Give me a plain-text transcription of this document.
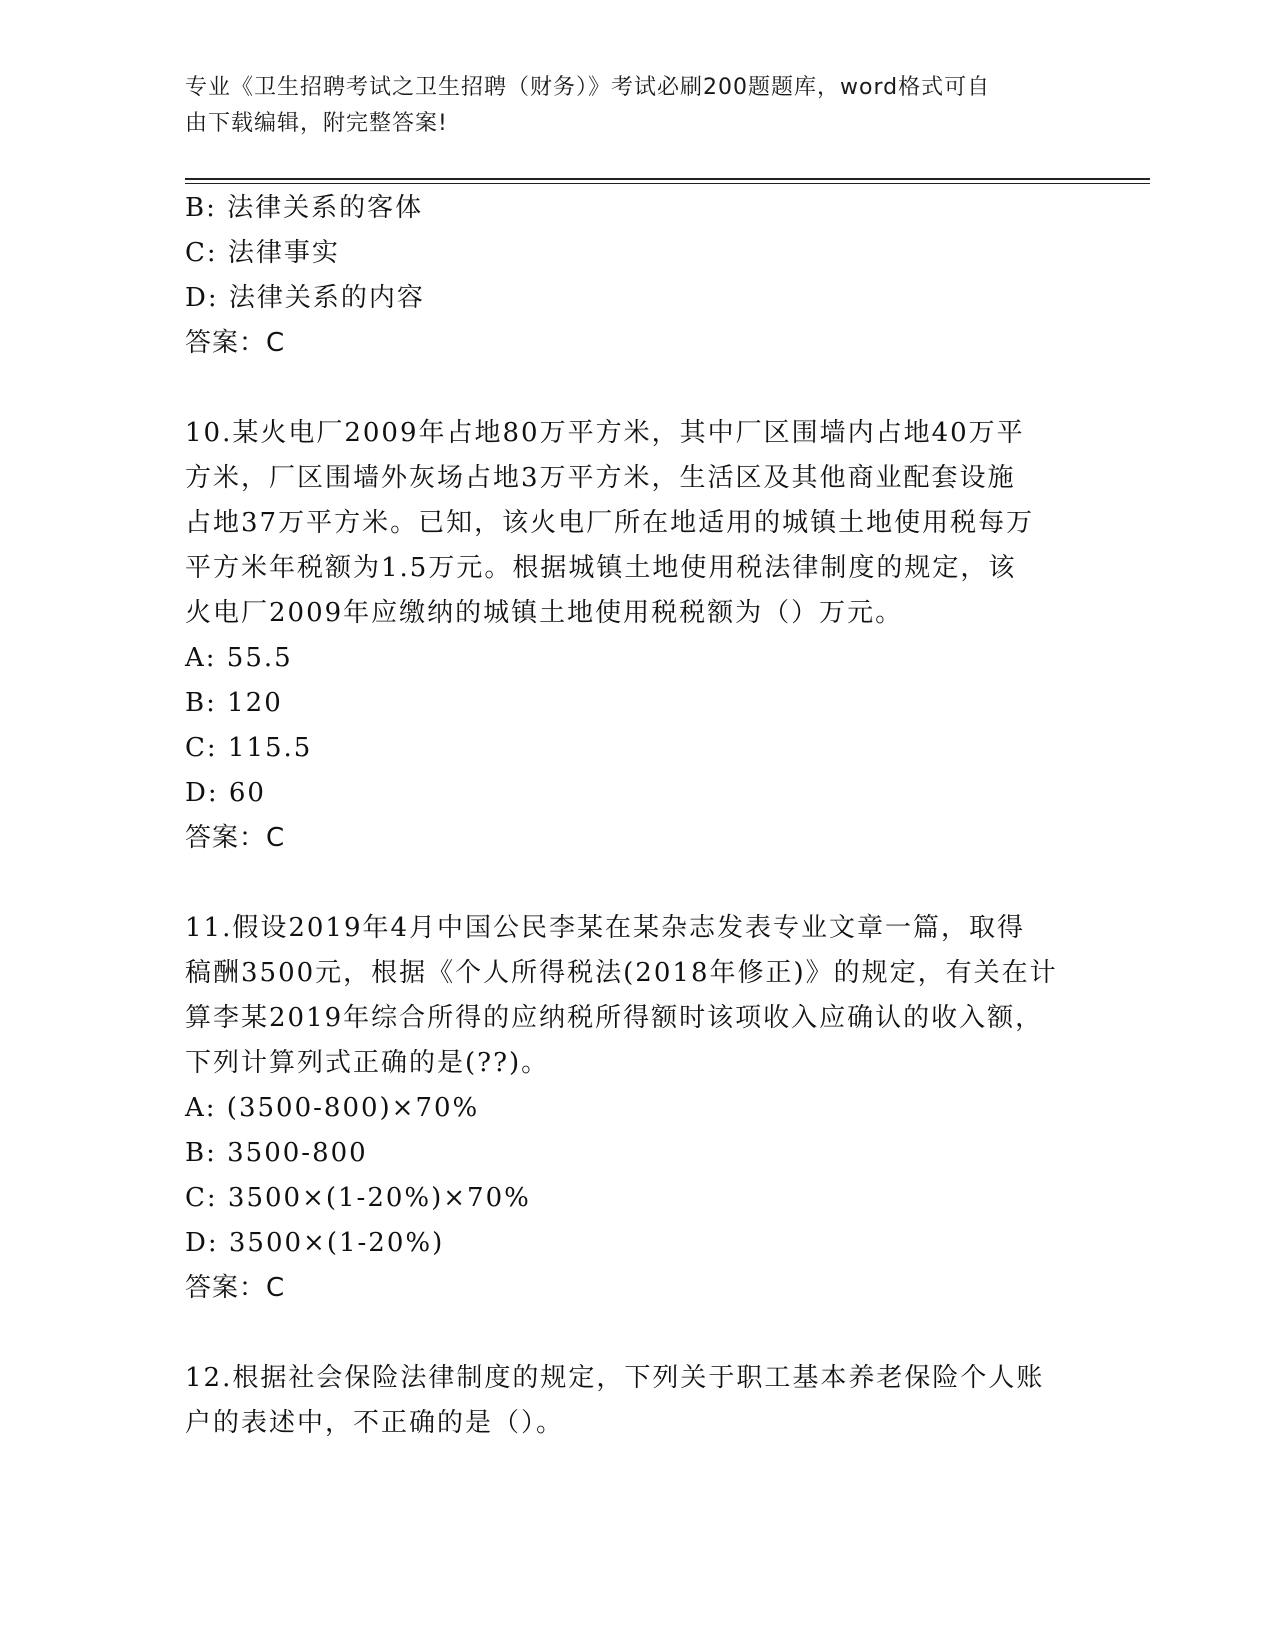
专业《卫生招聘考试之卫生招聘（财务）》考试必刷200题题库，word格式可自
由下载编辑，附完整答案!
B: 法律关系的客体
C: 法律事实
D: 法律关系的内容
答案：C
10.某火电厂2009年占地80万平方米，其中厂区围墙内占地40万平
方米，厂区围墙外灰场占地3万平方米，生活区及其他商业配套设施
占地37万平方米。已知，该火电厂所在地适用的城镇土地使用税每万
平方米年税额为1.5万元。根据城镇土地使用税法律制度的规定，该
火电厂2009年应缴纳的城镇土地使用税税额为（）万元。
A: 55.5
B: 120
C: 115.5
D: 60
答案：C
11.假设2019年4月中国公民李某在某杂志发表专业文章一篇，取得
稿酬3500元，根据《个人所得税法(2018年修正)》的规定，有关在计
算李某2019年综合所得的应纳税所得额时该项收入应确认的收入额，
下列计算列式正确的是(??)。
A: (3500-800)×70%
B: 3500-800
C: 3500×(1-20%)×70%
D: 3500×(1-20%)
答案：C
12.根据社会保险法律制度的规定，下列关于职工基本养老保险个人账
户的表述中，不正确的是（）。
